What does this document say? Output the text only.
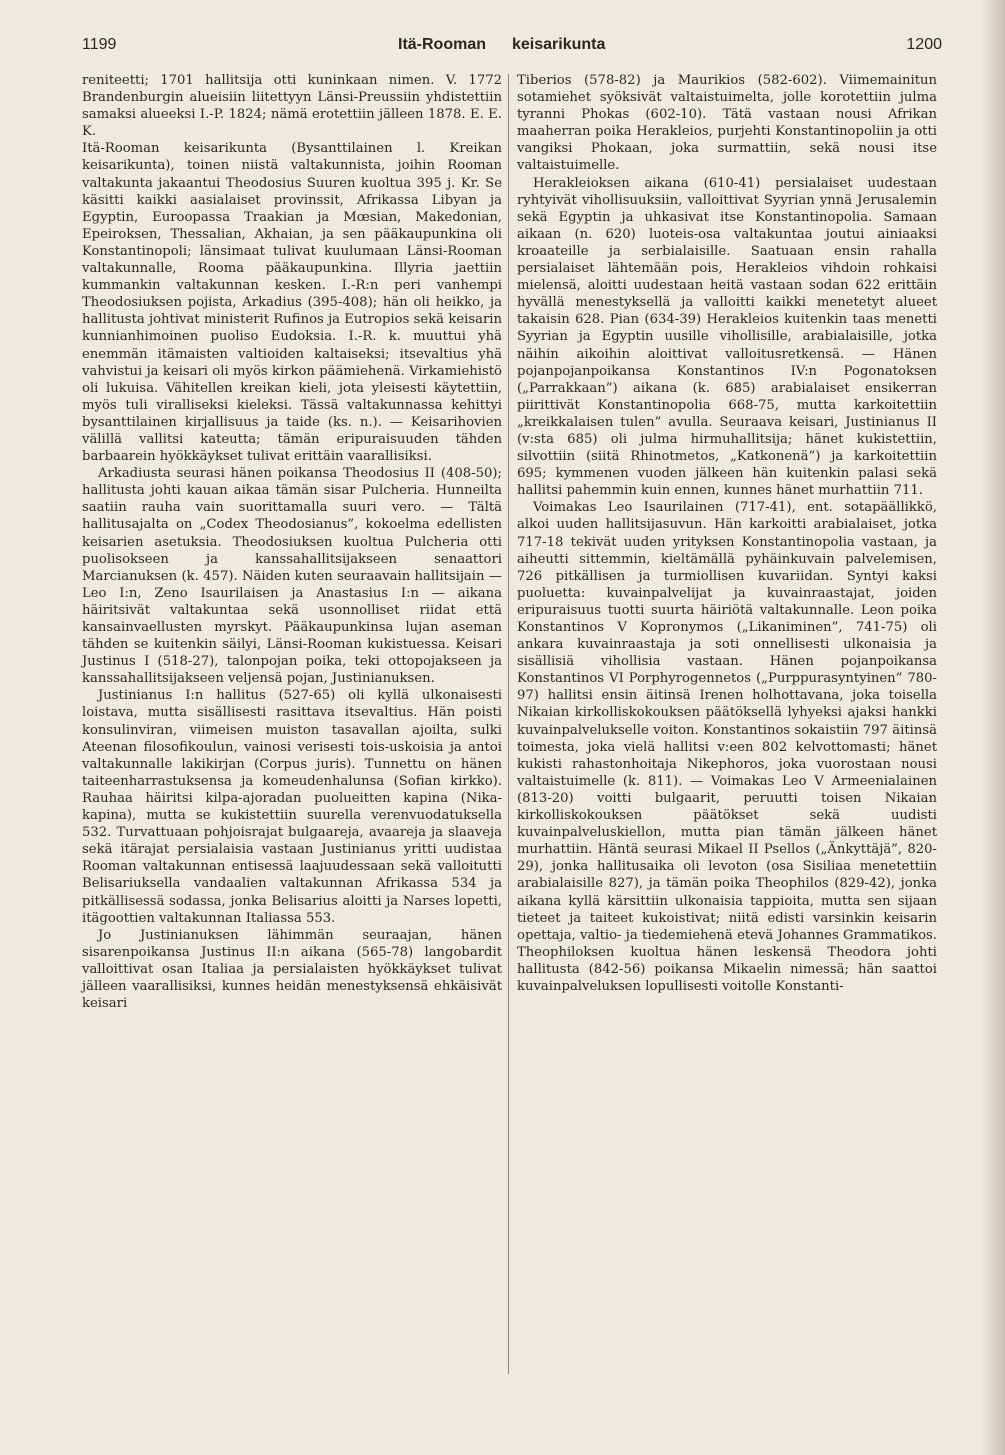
1199	Itä-Rooman keisarikunta	1200

reniteetti; 1701 hallitsija otti kuninkaan nimen. V. 1772 Brandenburgin alueisiin liitettyyn Länsi-Preussiin yhdistettiin samaksi alueeksi I.-P. 1824; nämä erotettiin jälleen 1878. E. E. K.

Itä-Rooman keisarikunta (Bysanttilainen l. Kreikan keisarikunta), toinen niistä valtakunnista, joihin Rooman valtakunta jakaantui Theodosius Suuren kuoltua 395 j. Kr. Se käsitti kaikki aasialaiset provinssit, Afrikassa Libyan ja Egyptin, Euroopassa Traakian ja Mœsian, Makedonian, Epeiroksen, Thessalian, Akhaian, ja sen pääkaupunkina oli Konstantinopoli; länsimaat tulivat kuulumaan Länsi-Rooman valtakunnalle, Rooma pääkaupunkina. Illyria jaettiin kummankin valtakunnan kesken. I.-R:n peri vanhempi Theodosiuksen pojista, Arkadius (395-408); hän oli heikko, ja hallitusta johtivat ministerit Rufinos ja Eutropios sekä keisarin kunnianhimoinen puoliso Eudoksia. I.-R. k. muuttui yhä enemmän itämaisten valtioiden kaltaiseksi; itsevaltius yhä vahvistui ja keisari oli myös kirkon päämiehenä. Virkamiehistö oli lukuisa. Vähitellen kreikan kieli, jota yleisesti käytettiin, myös tuli viralliseksi kieleksi. Tässä valtakunnassa kehittyi bysanttilainen kirjallisuus ja taide (ks. n.). — Keisarihovien välillä vallitsi kateutta; tämän eripuraisuuden tähden barbaarein hyökkäykset tulivat erittäin vaarallisiksi.

Arkadiusta seurasi hänen poikansa Theodosius II (408-50); hallitusta johti kauan aikaa tämän sisar Pulcheria. Hunneilta saatiin rauha vain suorittamalla suuri vero. — Tältä hallitusajalta on „Codex Theodosianus”, kokoelma edellisten keisarien asetuksia. Theodosiuksen kuoltua Pulcheria otti puolisokseen ja kanssahallitsijakseen senaattori Marcianuksen (k. 457). Näiden kuten seuraavain hallitsijain — Leo I:n, Zeno Isaurilaisen ja Anastasius I:n — aikana häiritsivät valtakuntaa sekä usonnolliset riidat että kansainvaellusten myrskyt. Pääkaupunkinsa lujan aseman tähden se kuitenkin säilyi, Länsi-Rooman kukistuessa. Keisari Justinus I (518-27), talonpojan poika, teki ottopojakseen ja kanssahallitsijakseen veljensä pojan, Justinianuksen.

Justinianus I:n hallitus (527-65) oli kyllä ulkonaisesti loistava, mutta sisällisesti rasittava itsevaltius. Hän poisti konsulinviran, viimeisen muiston tasavallan ajoilta, sulki Ateenan filosofikoulun, vainosi verisesti tois-uskoisia ja antoi valtakunnalle lakikirjan (Corpus juris). Tunnettu on hänen taiteenharrastuksensa ja komeudenhalunsa (Sofian kirkko). Rauhaa häiritsi kilpa-ajoradan puolueitten kapina (Nika-kapina), mutta se kukistettiin suurella verenvuodatuksella 532. Turvattuaan pohjoisrajat bulgaareja, avaareja ja slaaveja sekä itärajat persialaisia vastaan Justinianus yritti uudistaa Rooman valtakunnan entisessä laajuudessaan sekä valloitutti Belisariuksella vandaalien valtakunnan Afrikassa 534 ja pitkällisessä sodassa, jonka Belisarius aloitti ja Narses lopetti, itägoottien valtakunnan Italiassa 553.

Jo Justinianuksen lähimmän seuraajan, hänen sisarenpoikansa Justinus II:n aikana (565-78) langobardit valloittivat osan Italiaa ja persialaisten hyökkäykset tulivat jälleen vaarallisiksi, kunnes heidän menestyksensä ehkäisivät keisari

Tiberios (578-82) ja Maurikios (582-602). Viimemainitun sotamiehet syöksivät valtaistuimelta, jolle korotettiin julma tyranni Phokas (602-10). Tätä vastaan nousi Afrikan maaherran poika Herakleios, purjehti Konstantinopoliin ja otti vangiksi Phokaan, joka surmattiin, sekä nousi itse valtaistuimelle.

Herakleioksen aikana (610-41) persialaiset uudestaan ryhtyivät vihollisuuksiin, valloittivat Syyrian ynnä Jerusalemin sekä Egyptin ja uhkasivat itse Konstantinopolia. Samaan aikaan (n. 620) luoteis-osa valtakuntaa joutui ainiaaksi kroaateille ja serbialaisille. Saatuaan ensin rahalla persialaiset lähtemään pois, Herakleios vihdoin rohkaisi mielensä, aloitti uudestaan heitä vastaan sodan 622 erittäin hyvällä menestyksellä ja valloitti kaikki menetetyt alueet takaisin 628. Pian (634-39) Herakleios kuitenkin taas menetti Syyrian ja Egyptin uusille vihollisille, arabialaisille, jotka näihin aikoihin aloittivat valloitusretkensä. — Hänen pojanpojanpoikansa Konstantinos IV:n Pogonatoksen („Parrakkaan”) aikana (k. 685) arabialaiset ensikerran piirittivät Konstantinopolia 668-75, mutta karkoitettiin „kreikkalaisen tulen” avulla. Seuraava keisari, Justinianus II (v:sta 685) oli julma hirmuhallitsija; hänet kukistettiin, silvottiin (siitä Rhinotmetos, „Katkonenä”) ja karkoitettiin 695; kymmenen vuoden jälkeen hän kuitenkin palasi sekä hallitsi pahemmin kuin ennen, kunnes hänet murhattiin 711.

Voimakas Leo Isaurilainen (717-41), ent. sotapäällikkö, alkoi uuden hallitsijasuvun. Hän karkoitti arabialaiset, jotka 717-18 tekivät uuden yrityksen Konstantinopolia vastaan, ja aiheutti sittemmin, kieltämällä pyhäinkuvain palvelemisen, 726 pitkällisen ja turmiollisen kuvariidan. Syntyi kaksi puoluetta: kuvainpalvelijat ja kuvainraastajat, joiden eripuraisuus tuotti suurta häiriötä valtakunnalle. Leon poika Konstantinos V Kopronymos („Likaniminen”, 741-75) oli ankara kuvainraastaja ja soti onnellisesti ulkonaisia ja sisällisiä vihollisia vastaan. Hänen pojanpoikansa Konstantinos VI Porphyrogennetos („Purppurasyntyinen” 780-97) hallitsi ensin äitinsä Irenen holhottavana, joka toisella Nikaian kirkolliskokouksen päätöksellä lyhyeksi ajaksi hankki kuvainpalvelukselle voiton. Konstantinos sokaistiin 797 äitinsä toimesta, joka vielä hallitsi v:een 802 kelvottomasti; hänet kukisti rahastonhoitaja Nikephoros, joka vuorostaan nousi valtaistuimelle (k. 811). — Voimakas Leo V Armeenialainen (813-20) voitti bulgaarit, peruutti toisen Nikaian kirkolliskokouksen päätökset sekä uudisti kuvainpalveluskiellon, mutta pian tämän jälkeen hänet murhattiin. Häntä seurasi Mikael II Psellos („Änkyttäjä”, 820-29), jonka hallitusaika oli levoton (osa Sisiliaa menetettiin arabialaisille 827), ja tämän poika Theophilos (829-42), jonka aikana kyllä kärsittiin ulkonaisia tappioita, mutta sen sijaan tieteet ja taiteet kukoistivat; niitä edisti varsinkin keisarin opettaja, valtio- ja tiedemiehenä etevä Johannes Grammatikos. Theophiloksen kuoltua hänen leskensä Theodora johti hallitusta (842-56) poikansa Mikaelin nimessä; hän saattoi kuvainpalveluksen lopullisesti voitolle Konstanti-
